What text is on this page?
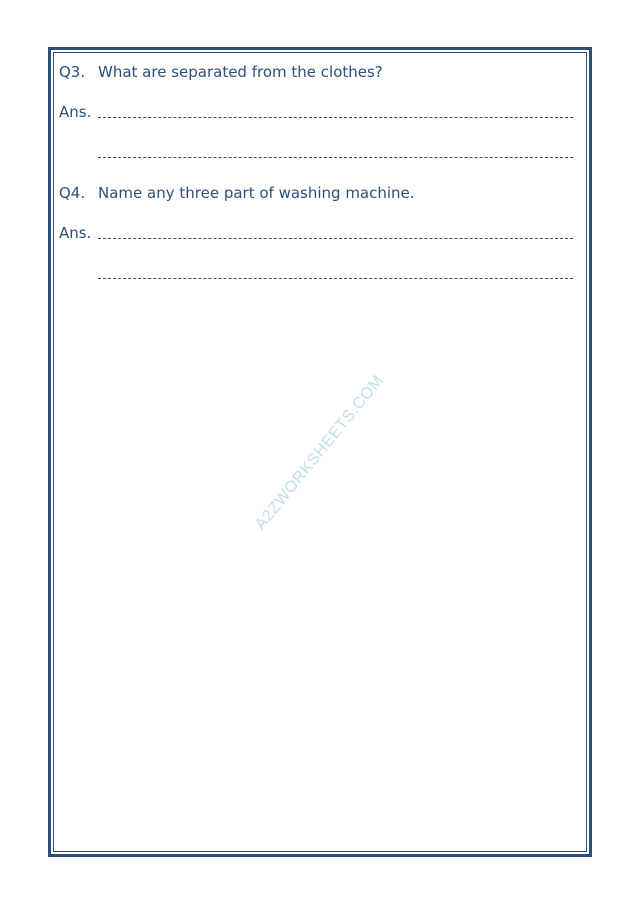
Q3. What are separated from the clothes?
Ans.
Q4. Name any three part of washing machine.
Ans.
A2ZWORKSHEETS.COM
